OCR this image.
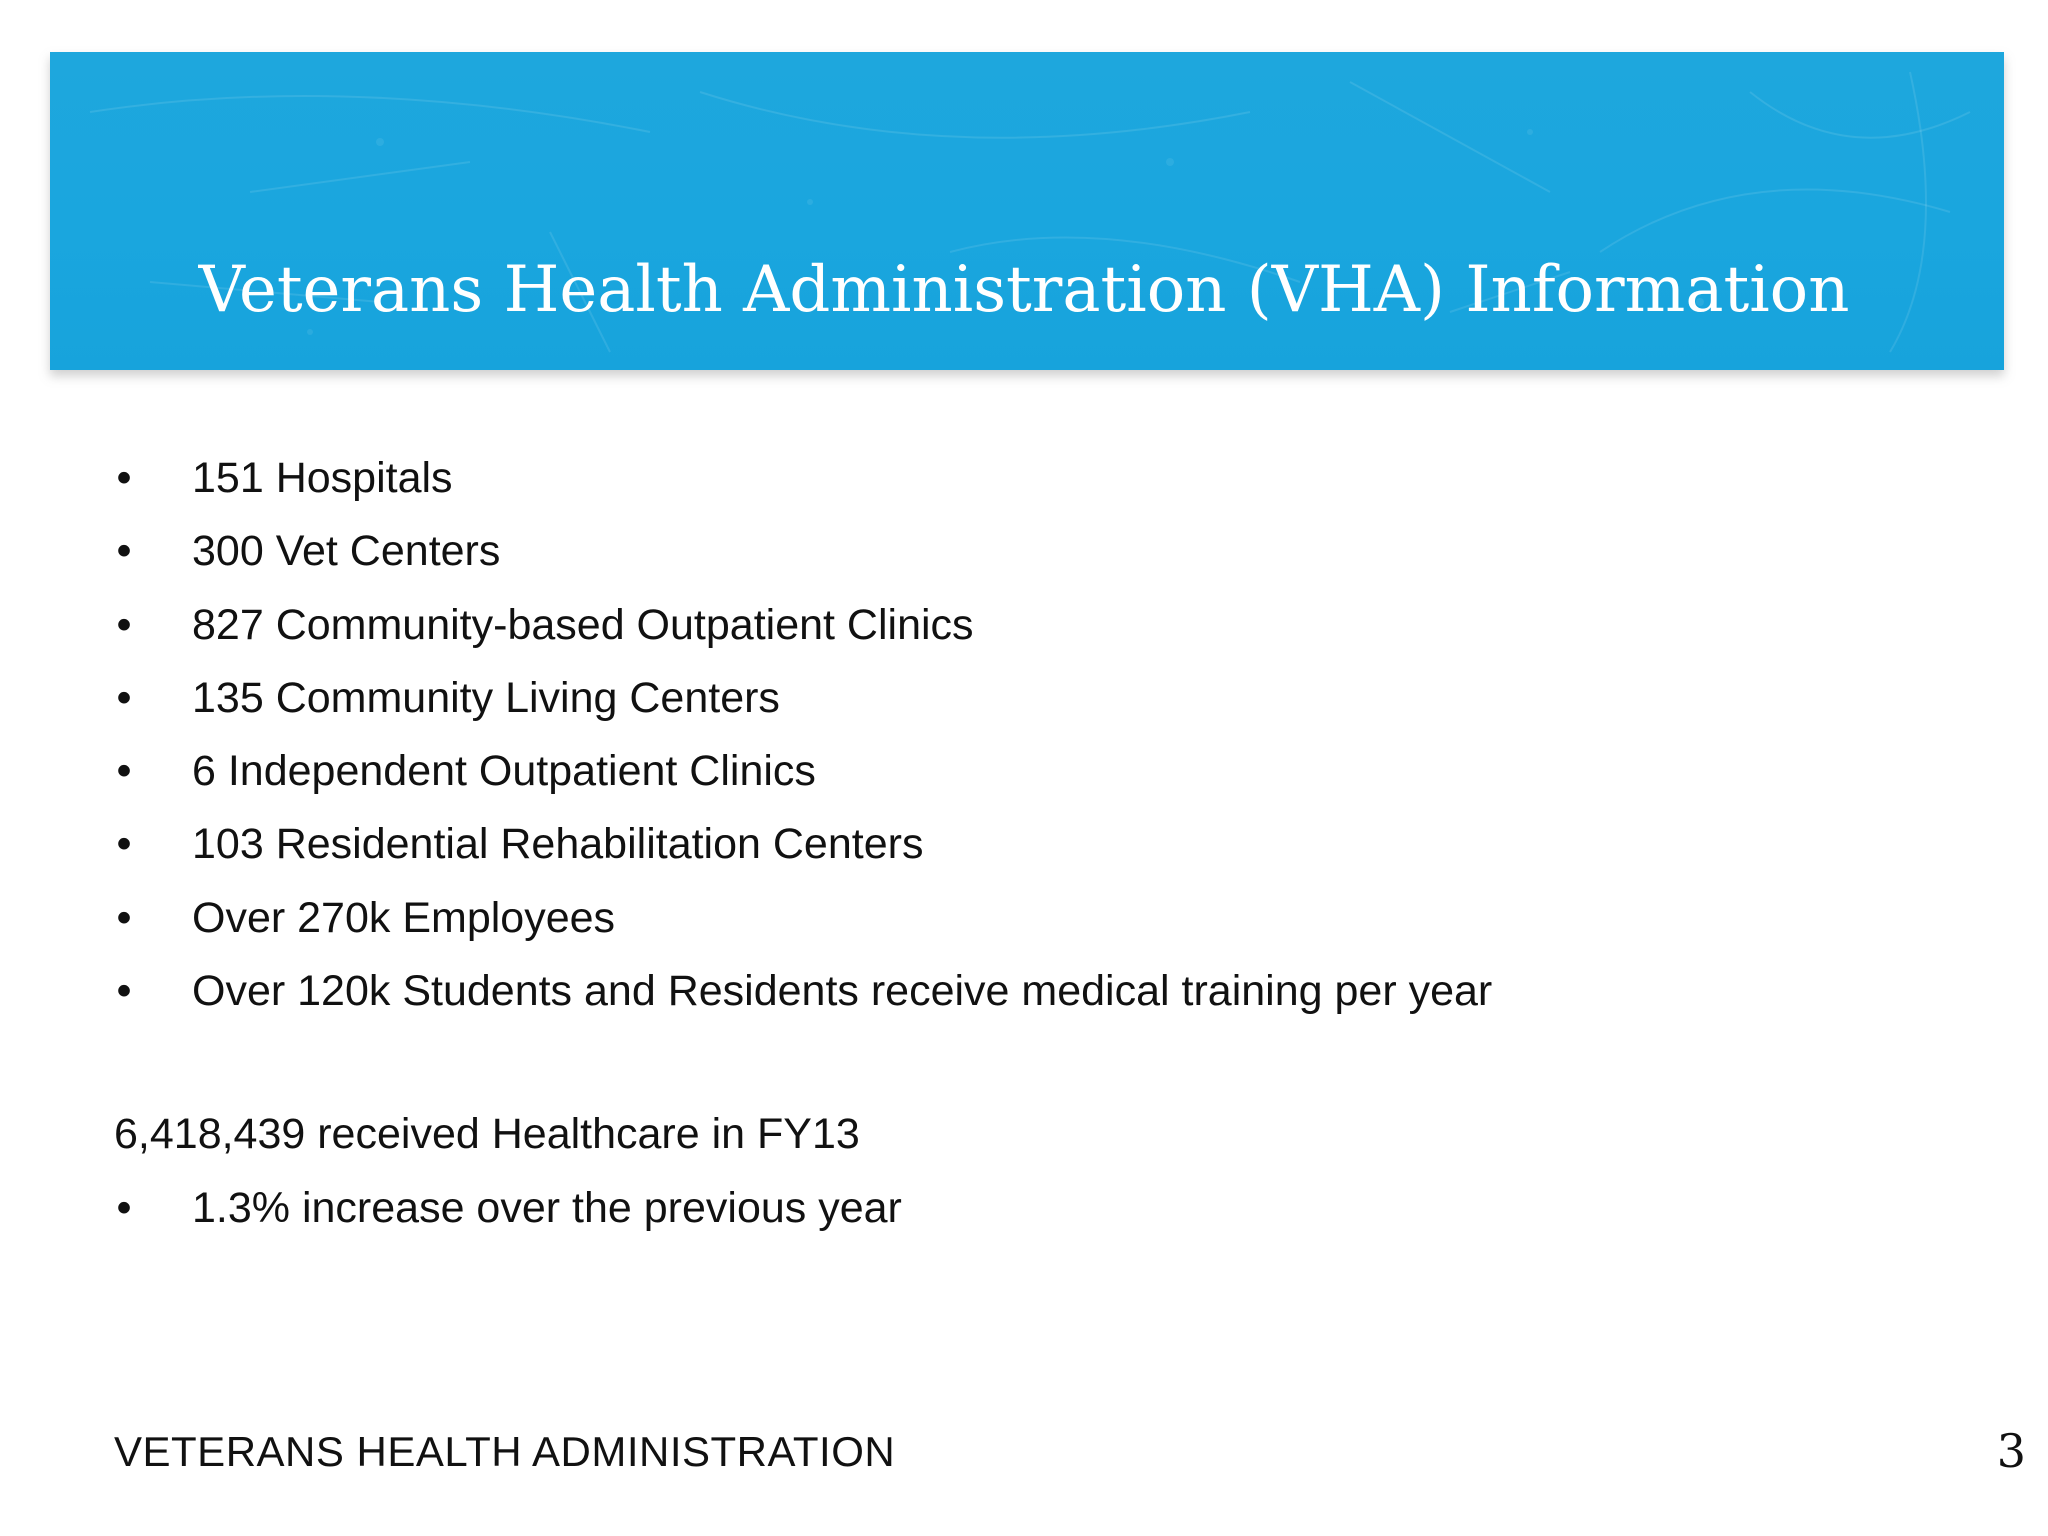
Veterans Health Administration (VHA) Information
• 151 Hospitals
• 300 Vet Centers
• 827 Community-based Outpatient Clinics
• 135 Community Living Centers
• 6 Independent Outpatient Clinics
• 103 Residential Rehabilitation Centers
• Over 270k Employees
• Over 120k Students and Residents receive medical training per year
6,418,439 received Healthcare in FY13
• 1.3% increase over the previous year
VETERANS HEALTH ADMINISTRATION	3
